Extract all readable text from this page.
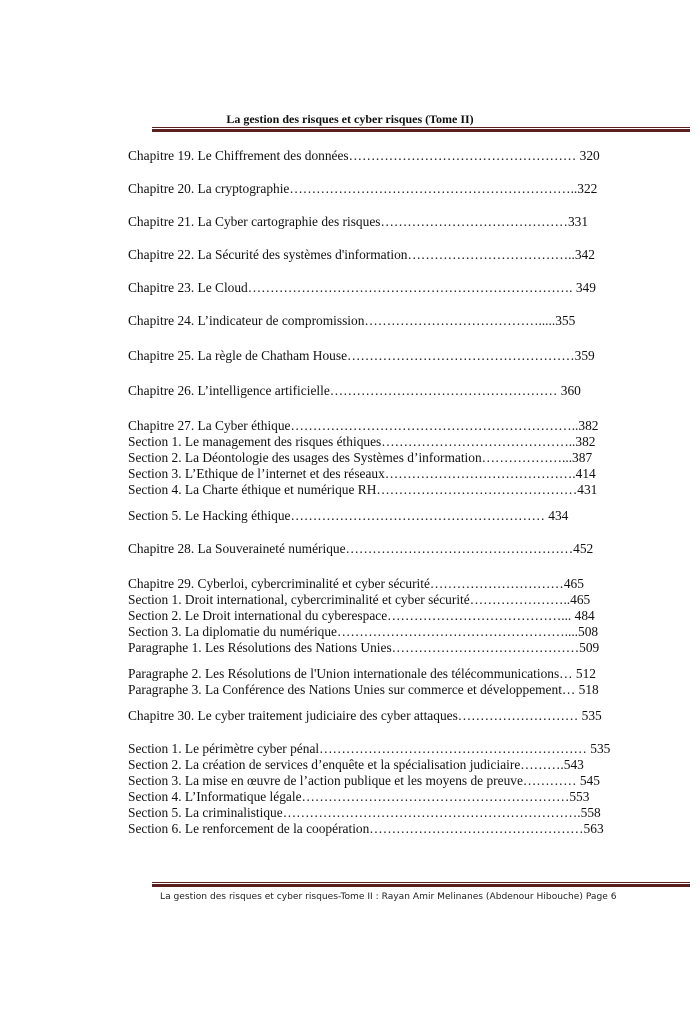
La gestion des risques et cyber risques (Tome II)
Chapitre 19. Le Chiffrement des données…………………………………………… 320
Chapitre 20. La cryptographie………………………………………………………..322
Chapitre 21. La Cyber cartographie des risques……………………………………331
Chapitre 22. La Sécurité des systèmes d'information………………………………..342
Chapitre 23. Le Cloud………………………………………………………………. 349
Chapitre 24. L’indicateur de compromission………………………………….....355
Chapitre 25. La règle de Chatham House……………………………………………359
Chapitre 26. L’intelligence artificielle…………………………………………… 360
Chapitre 27. La Cyber éthique………………………………………………………..382
Section 1. Le management des risques éthiques……………………………………..382
Section 2. La Déontologie des usages des Systèmes d’information………………...387
Section 3. L’Ethique de l’internet et des réseaux…………………………………….414
Section 4. La Charte éthique et numérique RH………………………………………431
Section 5. Le Hacking éthique………………………………………………… 434
Chapitre 28. La Souveraineté numérique……………………………………………452
Chapitre 29. Cyberloi, cybercriminalité et cyber sécurité…………………………465
Section 1. Droit international, cybercriminalité et cyber sécurité…………………..465
Section 2. Le Droit international du cyberespace…………………………………... 484
Section 3. La diplomatie du numérique……………………………………………....508
Paragraphe 1. Les Résolutions des Nations Unies……………………………………509
Paragraphe 2. Les Résolutions de l'Union internationale des télécommunications… 512
Paragraphe 3. La Conférence des Nations Unies sur commerce et développement… 518
Chapitre 30. Le cyber traitement judiciaire des cyber attaques……………………… 535
Section 1. Le périmètre cyber pénal…………………………………………………… 535
Section 2. La création de services d’enquête et la spécialisation judiciaire……….543
Section 3. La mise en œuvre de l’action publique et les moyens de preuve………… 545
Section 4. L’Informatique légale……………………………………………………553
Section 5. La criminalistique………………………………………………………….558
Section 6. Le renforcement de la coopération…………………………………………563
La gestion des risques et cyber risques-Tome II : Rayan Amir Melinanes (Abdenour Hibouche) Page 6
